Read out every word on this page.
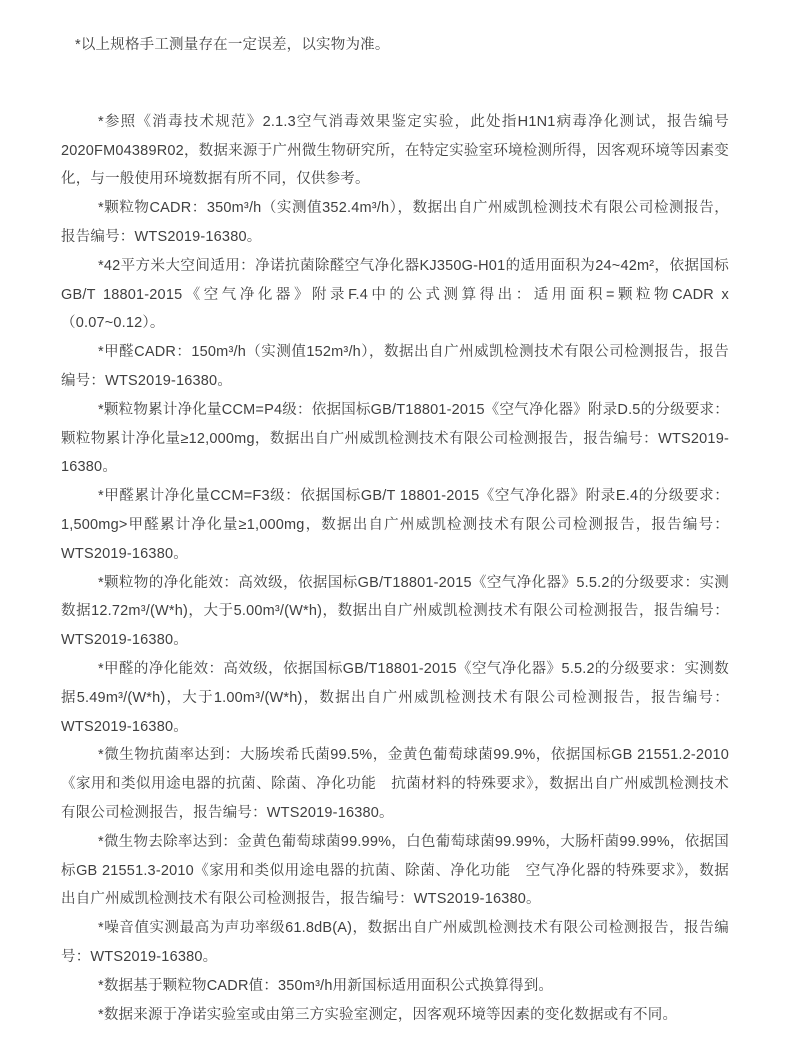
*以上规格手工测量存在一定误差，以实物为准。

*参照《消毒技术规范》2.1.3空气消毒效果鉴定实验，此处指H1N1病毒净化测试，报告编号2020FM04389R02，数据来源于广州微生物研究所，在特定实验室环境检测所得，因客观环境等因素变化，与一般使用环境数据有所不同，仅供参考。

*颗粒物CADR：350m³/h（实测值352.4m³/h），数据出自广州威凯检测技术有限公司检测报告，报告编号：WTS2019-16380。

*42平方米大空间适用：净诺抗菌除醛空气净化器KJ350G-H01的适用面积为24~42m²，依据国标GB/T 18801-2015《空气净化器》附录F.4中的公式测算得出：适用面积=颗粒物CADR x（0.07~0.12）。

*甲醛CADR：150m³/h（实测值152m³/h），数据出自广州威凯检测技术有限公司检测报告，报告编号：WTS2019-16380。

*颗粒物累计净化量CCM=P4级：依据国标GB/T18801-2015《空气净化器》附录D.5的分级要求：颗粒物累计净化量≥12,000mg，数据出自广州威凯检测技术有限公司检测报告，报告编号：WTS2019-16380。

*甲醛累计净化量CCM=F3级：依据国标GB/T 18801-2015《空气净化器》附录E.4的分级要求：1,500mg>甲醛累计净化量≥1,000mg，数据出自广州威凯检测技术有限公司检测报告，报告编号：WTS2019-16380。

*颗粒物的净化能效：高效级，依据国标GB/T18801-2015《空气净化器》5.5.2的分级要求：实测数据12.72m³/(W*h)，大于5.00m³/(W*h)，数据出自广州威凯检测技术有限公司检测报告，报告编号：WTS2019-16380。

*甲醛的净化能效：高效级，依据国标GB/T18801-2015《空气净化器》5.5.2的分级要求：实测数据5.49m³/(W*h)，大于1.00m³/(W*h)，数据出自广州威凯检测技术有限公司检测报告，报告编号：WTS2019-16380。

*微生物抗菌率达到：大肠埃希氏菌99.5%，金黄色葡萄球菌99.9%，依据国标GB 21551.2-2010《家用和类似用途电器的抗菌、除菌、净化功能　抗菌材料的特殊要求》，数据出自广州威凯检测技术有限公司检测报告，报告编号：WTS2019-16380。

*微生物去除率达到：金黄色葡萄球菌99.99%，白色葡萄球菌99.99%，大肠杆菌99.99%，依据国标GB 21551.3-2010《家用和类似用途电器的抗菌、除菌、净化功能　空气净化器的特殊要求》，数据出自广州威凯检测技术有限公司检测报告，报告编号：WTS2019-16380。

*噪音值实测最高为声功率级61.8dB(A)，数据出自广州威凯检测技术有限公司检测报告，报告编号：WTS2019-16380。

*数据基于颗粒物CADR值：350m³/h用新国标适用面积公式换算得到。

*数据来源于净诺实验室或由第三方实验室测定，因客观环境等因素的变化数据或有不同。
